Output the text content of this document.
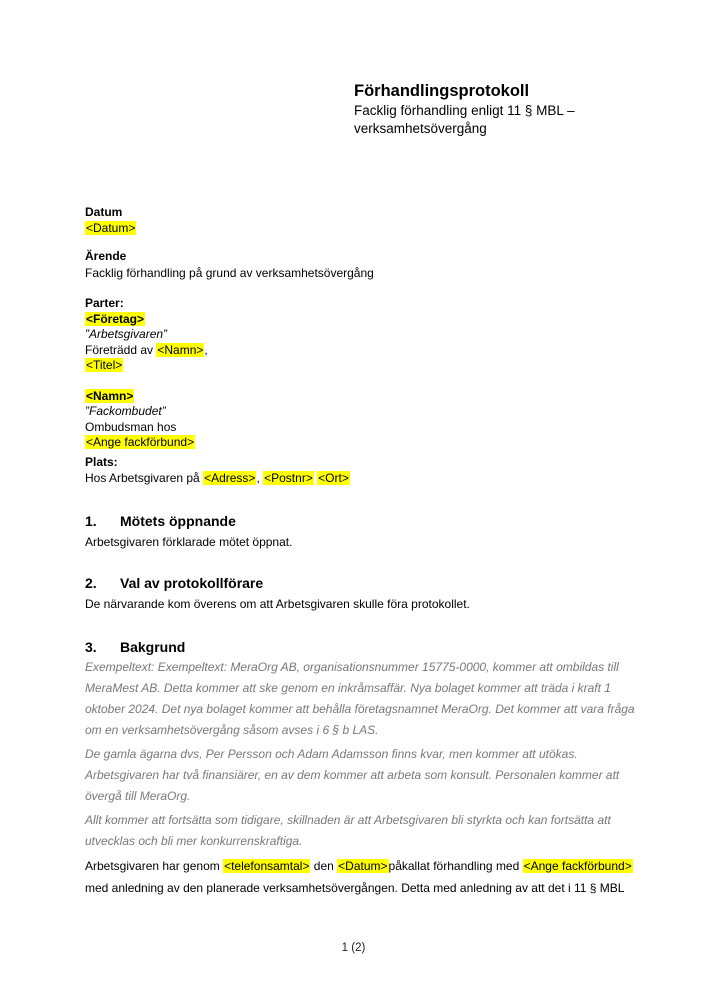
Förhandlingsprotokoll
Facklig förhandling enligt 11 § MBL – verksamhetsövergång
Datum
<Datum>
Ärende
Facklig förhandling på grund av verksamhetsövergång
Parter:
<Företag>
”Arbetsgivaren”
Företrädd av <Namn>,
<Titel>
<Namn>
”Fackombudet”
Ombudsman hos
<Ange fackförbund>
Plats:
Hos Arbetsgivaren på <Adress>, <Postnr> <Ort>
1. Mötets öppnande
Arbetsgivaren förklarade mötet öppnat.
2. Val av protokollförare
De närvarande kom överens om att Arbetsgivaren skulle föra protokollet.
3. Bakgrund

Exempeltext: Exempeltext: MeraOrg AB, organisationsnummer 15775-0000, kommer att ombildas till MeraMest AB. Detta kommer att ske genom en inkråmsaffär. Nya bolaget kommer att träda i kraft 1 oktober 2024. Det nya bolaget kommer att behålla företagsnamnet MeraOrg. Det kommer att vara fråga om en verksamhetsövergång såsom avses i 6 § b LAS.

De gamla ägarna dvs, Per Persson och Adam Adamsson finns kvar, men kommer att utökas. Arbetsgivaren har två finansiärer, en av dem kommer att arbeta som konsult. Personalen kommer att övergå till MeraOrg.

Allt kommer att fortsätta som tidigare, skillnaden är att Arbetsgivaren bli styrkta och kan fortsätta att utvecklas och bli mer konkurrenskraftiga.

Arbetsgivaren har genom <telefonsamtal> den <Datum>påkallat förhandling med <Ange fackförbund> med anledning av den planerade verksamhetsövergången. Detta med anledning av att det i 11 § MBL

1 (2)
